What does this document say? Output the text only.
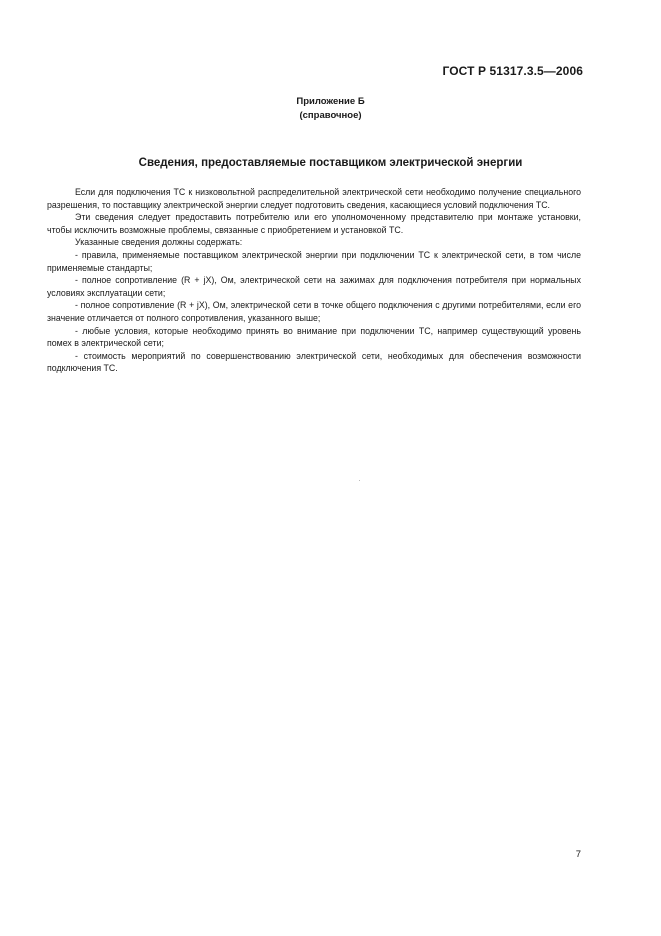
ГОСТ Р 51317.3.5—2006
Приложение Б
(справочное)
Сведения, предоставляемые поставщиком электрической энергии

Если для подключения ТС к низковольтной распределительной электрической сети необходимо получение специального разрешения, то поставщику электрической энергии следует подготовить сведения, касающиеся условий подключения ТС.

Эти сведения следует предоставить потребителю или его уполномоченному представителю при монтаже установки, чтобы исключить возможные проблемы, связанные с приобретением и установкой ТС.

Указанные сведения должны содержать:

- правила, применяемые поставщиком электрической энергии при подключении ТС к электрической сети, в том числе применяемые стандарты;

- полное сопротивление (R + jX), Ом, электрической сети на зажимах для подключения потребителя при нормальных условиях эксплуатации сети;

- полное сопротивление (R + jX), Ом, электрической сети в точке общего подключения с другими потребителями, если его значение отличается от полного сопротивления, указанного выше;

- любые условия, которые необходимо принять во внимание при подключении ТС, например существующий уровень помех в электрической сети;

- стоимость мероприятий по совершенствованию электрической сети, необходимых для обеспечения возможности подключения ТС.

7
